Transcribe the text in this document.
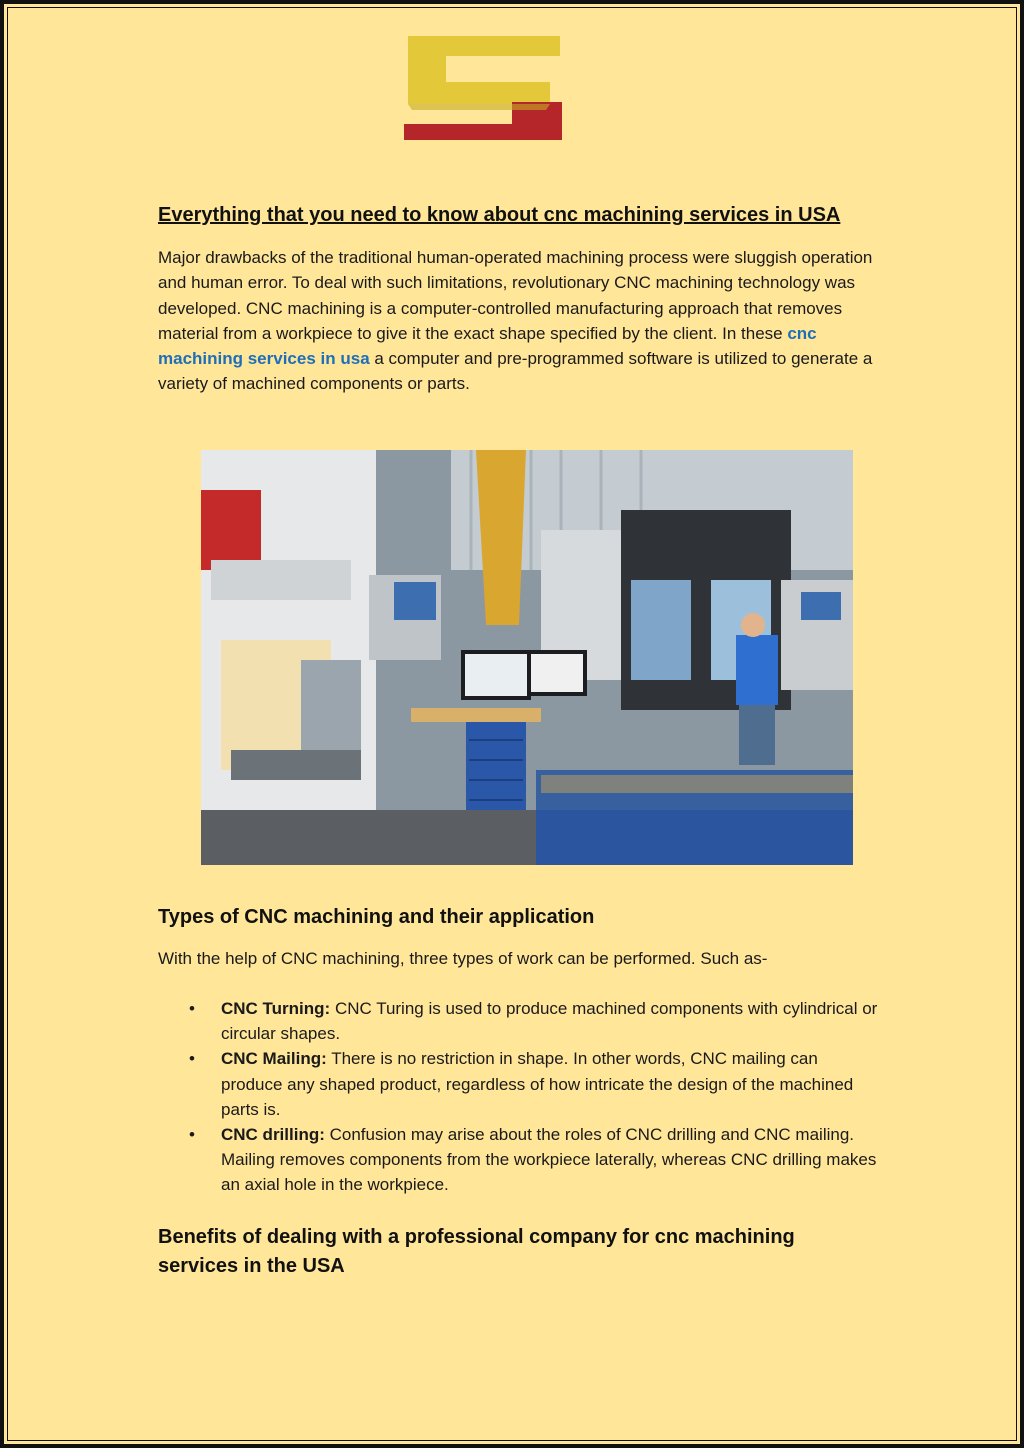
Everything that you need to know about cnc machining services in USA

Major drawbacks of the traditional human-operated machining process were sluggish operation and human error. To deal with such limitations, revolutionary CNC machining technology was developed. CNC machining is a computer-controlled manufacturing approach that removes material from a workpiece to give it the exact shape specified by the client. In these cnc machining services in usa a computer and pre-programmed software is utilized to generate a variety of machined components or parts.

Types of CNC machining and their application

With the help of CNC machining, three types of work can be performed. Such as-

• CNC Turning: CNC Turing is used to produce machined components with cylindrical or circular shapes.
• CNC Mailing: There is no restriction in shape. In other words, CNC mailing can produce any shaped product, regardless of how intricate the design of the machined parts is.
• CNC drilling: Confusion may arise about the roles of CNC drilling and CNC mailing. Mailing removes components from the workpiece laterally, whereas CNC drilling makes an axial hole in the workpiece.
Benefits of dealing with a professional company for cnc machining services in the USA
